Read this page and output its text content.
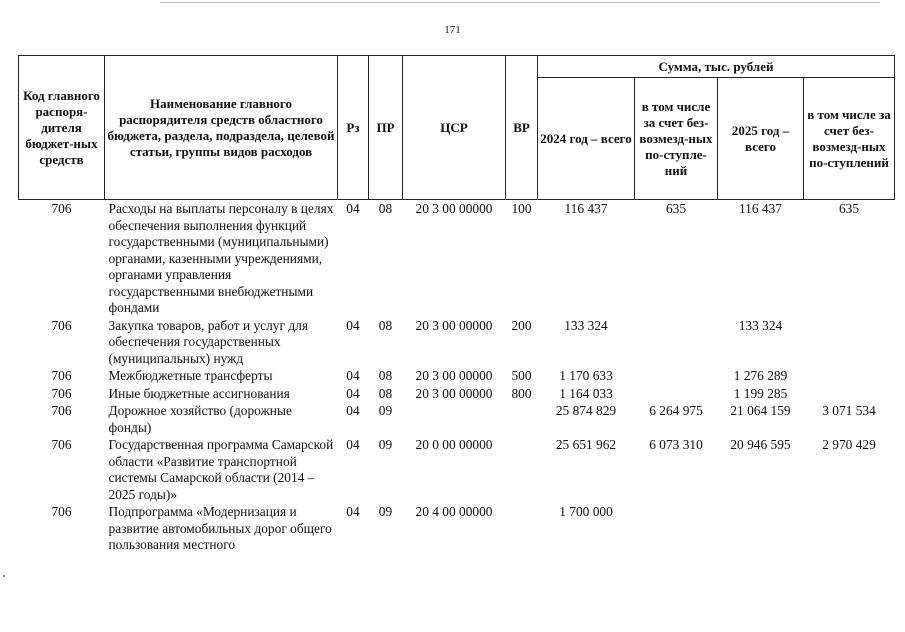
171
Код главного распоря-дителя бюджет-ных средств	Наименование главного распорядителя средств областного бюджета, раздела, подраздела, целевой статьи, группы видов расходов	Рз	ПР	ЦСР	ВР	Сумма, тыс. рублей			
						2024 год – всего	в том числе за счет без-возмезд-ных по-ступле-ний	2025 год – всего	в том числе за счет без-возмезд-ных по-ступлений
706	Расходы на выплаты персоналу в целях обеспечения выполнения функций государственными (муниципальными) органами, казенными учреждениями, органами управления государственными внебюджетными фондами	04	08	20 3 00 00000	100	116 437	635	116 437	635
706	Закупка товаров, работ и услуг для обеспечения государственных (муниципальных) нужд	04	08	20 3 00 00000	200	133 324		133 324	
706	Межбюджетные трансферты	04	08	20 3 00 00000	500	1 170 633		1 276 289	
706	Иные бюджетные ассигнования	04	08	20 3 00 00000	800	1 164 033		1 199 285	
706	Дорожное хозяйство (дорожные фонды)	04	09			25 874 829	6 264 975	21 064 159	3 071 534
706	Государственная программа Самарской области «Развитие транспортной системы Самарской области (2014 – 2025 годы)»	04	09	20 0 00 00000		25 651 962	6 073 310	20 946 595	2 970 429
706	Подпрограмма «Модернизация и развитие автомобильных дорог общего пользования местного	04	09	20 4 00 00000		1 700 000			
